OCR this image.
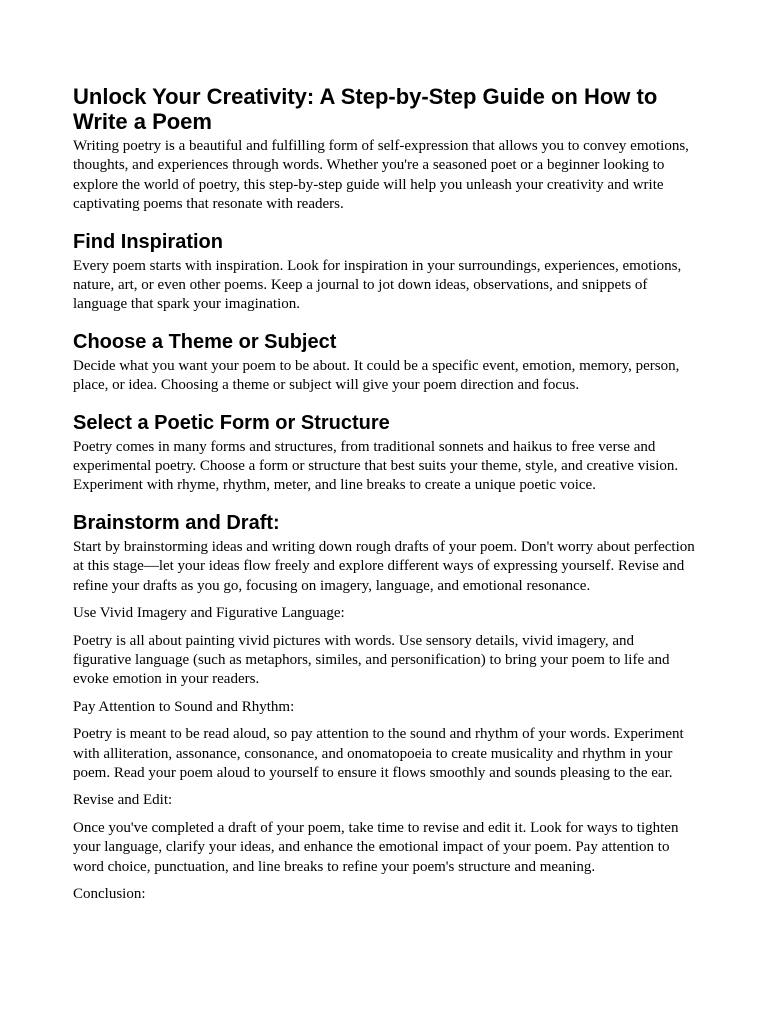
Unlock Your Creativity: A Step-by-Step Guide on How to Write a Poem

Writing poetry is a beautiful and fulfilling form of self-expression that allows you to convey emotions, thoughts, and experiences through words. Whether you're a seasoned poet or a beginner looking to explore the world of poetry, this step-by-step guide will help you unleash your creativity and write captivating poems that resonate with readers.

Find Inspiration

Every poem starts with inspiration. Look for inspiration in your surroundings, experiences, emotions, nature, art, or even other poems. Keep a journal to jot down ideas, observations, and snippets of language that spark your imagination.

Choose a Theme or Subject

Decide what you want your poem to be about. It could be a specific event, emotion, memory, person, place, or idea. Choosing a theme or subject will give your poem direction and focus.

Select a Poetic Form or Structure

Poetry comes in many forms and structures, from traditional sonnets and haikus to free verse and experimental poetry. Choose a form or structure that best suits your theme, style, and creative vision. Experiment with rhyme, rhythm, meter, and line breaks to create a unique poetic voice.

Brainstorm and Draft:

Start by brainstorming ideas and writing down rough drafts of your poem. Don't worry about perfection at this stage—let your ideas flow freely and explore different ways of expressing yourself. Revise and refine your drafts as you go, focusing on imagery, language, and emotional resonance.

Use Vivid Imagery and Figurative Language:

Poetry is all about painting vivid pictures with words. Use sensory details, vivid imagery, and figurative language (such as metaphors, similes, and personification) to bring your poem to life and evoke emotion in your readers.

Pay Attention to Sound and Rhythm:

Poetry is meant to be read aloud, so pay attention to the sound and rhythm of your words. Experiment with alliteration, assonance, consonance, and onomatopoeia to create musicality and rhythm in your poem. Read your poem aloud to yourself to ensure it flows smoothly and sounds pleasing to the ear.

Revise and Edit:

Once you've completed a draft of your poem, take time to revise and edit it. Look for ways to tighten your language, clarify your ideas, and enhance the emotional impact of your poem. Pay attention to word choice, punctuation, and line breaks to refine your poem's structure and meaning.

Conclusion:
